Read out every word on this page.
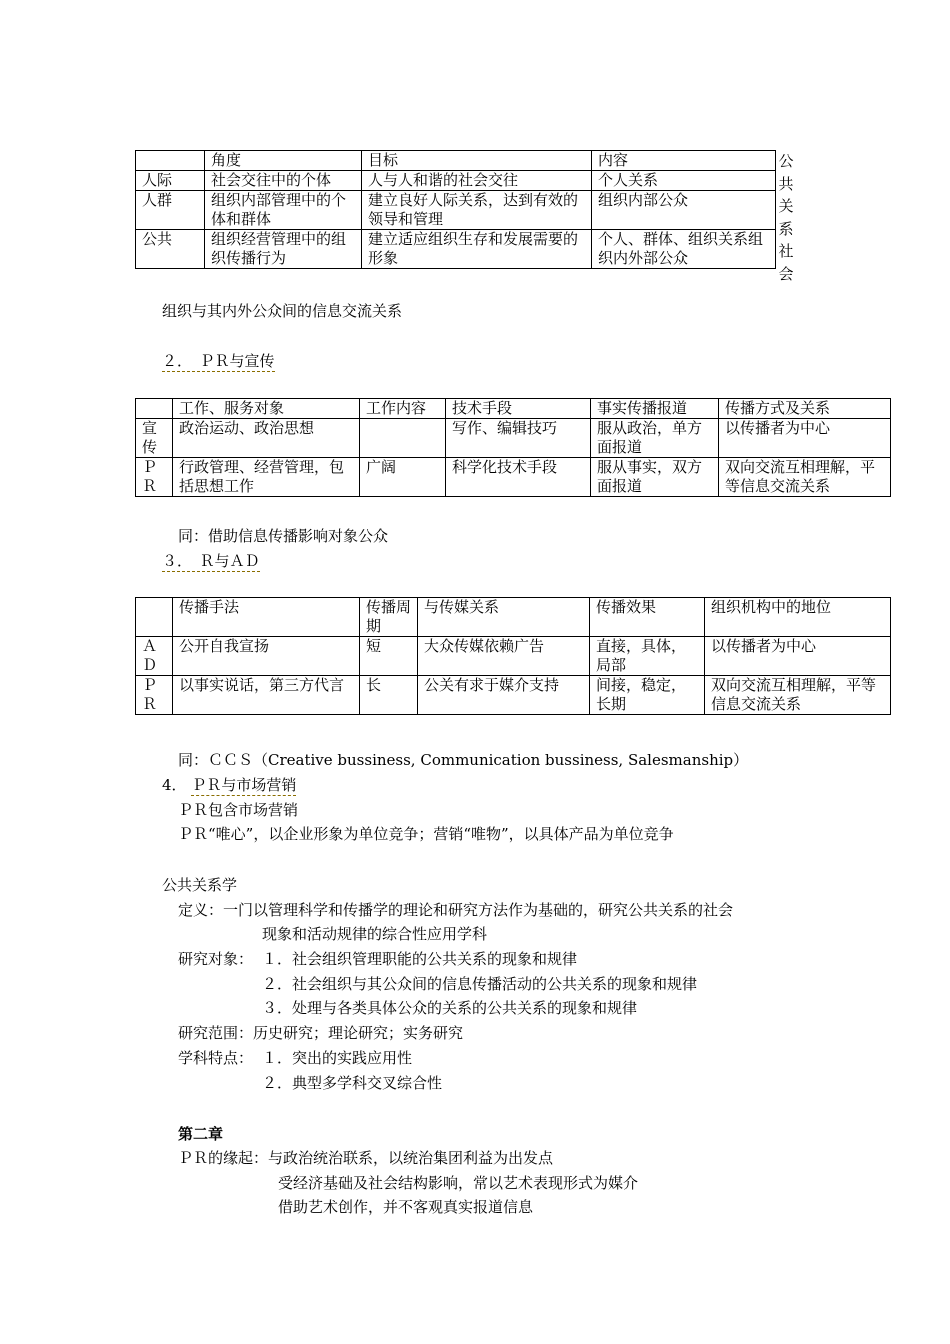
	角度	目标	内容
人际	社会交往中的个体	人与人和谐的社会交往	个人关系
人群	组织内部管理中的个体和群体	建立良好人际关系，达到有效的领导和管理	组织内部公众
公共	组织经营管理中的组织传播行为	建立适应组织生存和发展需要的形象	个人、群体、组织关系组织内外部公众
公
共
关
系
社
会
组织与其内外公众间的信息交流关系
２．　ＰＲ与宣传
	工作、服务对象	工作内容	技术手段	事实传播报道	传播方式及关系
宣传	政治运动、政治思想		写作、编辑技巧	服从政治，单方面报道	以传播者为中心
ＰＲ	行政管理、经营管理，包括思想工作	广阔	科学化技术手段	服从事实，双方面报道	双向交流互相理解，平等信息交流关系
同：借助信息传播影响对象公众
３．　Ｒ与ＡＤ
	传播手法	传播周期	与传媒关系	传播效果	组织机构中的地位
ＡＤ	公开自我宣扬	短	大众传媒依赖广告	直接，具体，局部	以传播者为中心
ＰＲ	以事实说话，第三方代言	长	公关有求于媒介支持	间接，稳定，长期	双向交流互相理解，平等信息交流关系
同：ＣＣＳ（Creative bussiness, Communication bussiness, Salesmanship）
4． ＰＲ与市场营销
ＰＲ包含市场营销
ＰＲ“唯心”，以企业形象为单位竞争；营销“唯物”，以具体产品为单位竞争
公共关系学
定义：一门以管理科学和传播学的理论和研究方法作为基础的，研究公共关系的社会
现象和活动规律的综合性应用学科
研究对象： １．社会组织管理职能的公共关系的现象和规律
２．社会组织与其公众间的信息传播活动的公共关系的现象和规律
３．处理与各类具体公众的关系的公共关系的现象和规律
研究范围：历史研究；理论研究；实务研究
学科特点： １．突出的实践应用性
２．典型多学科交叉综合性
第二章
ＰＲ的缘起：与政治统治联系，以统治集团利益为出发点
受经济基础及社会结构影响，常以艺术表现形式为媒介
借助艺术创作，并不客观真实报道信息
